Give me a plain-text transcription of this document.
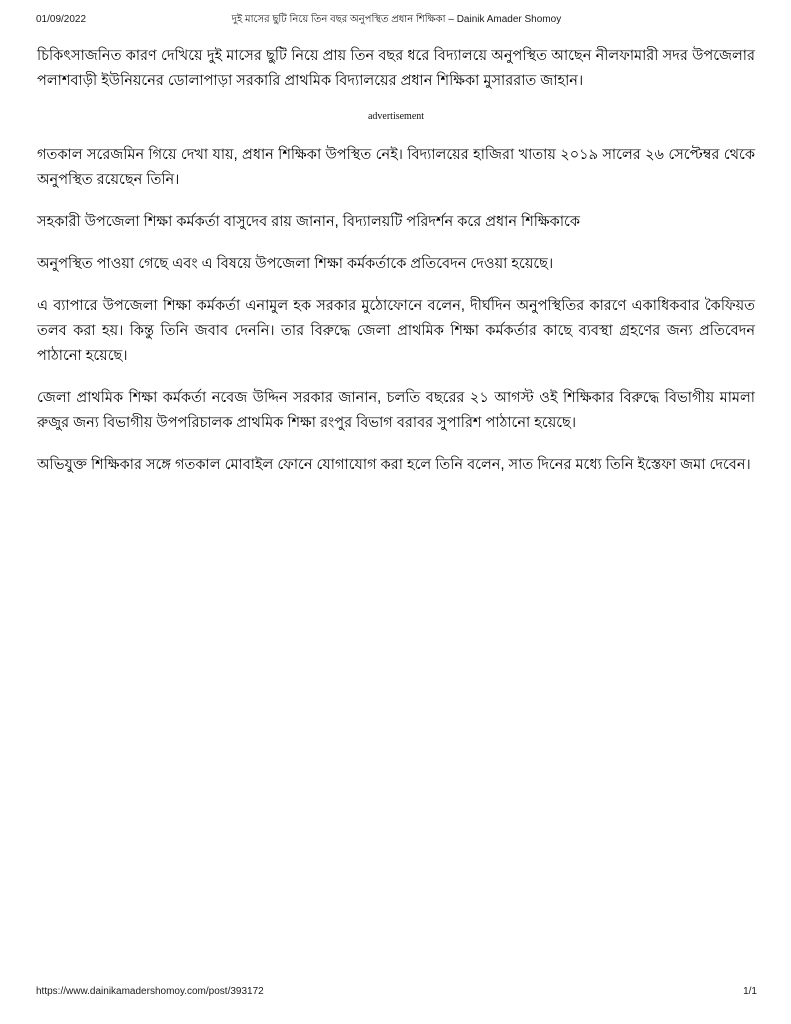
01/09/2022	দুই মাসের ছুটি নিয়ে তিন বছর অনুপস্থিত প্রধান শিক্ষিকা – Dainik Amader Shomoy

চিকিৎসাজনিত কারণ দেখিয়ে দুই মাসের ছুটি নিয়ে প্রায় তিন বছর ধরে বিদ্যালয়ে অনুপস্থিত আছেন নীলফামারী সদর উপজেলার পলাশবাড়ী ইউনিয়নের ডোলাপাড়া সরকারি প্রাথমিক বিদ্যালয়ের প্রধান শিক্ষিকা মুসাররাত জাহান।

advertisement

গতকাল সরেজমিন গিয়ে দেখা যায়, প্রধান শিক্ষিকা উপস্থিত নেই। বিদ্যালয়ের হাজিরা খাতায় ২০১৯ সালের ২৬ সেপ্টেম্বর থেকে অনুপস্থিত রয়েছেন তিনি।

সহকারী উপজেলা শিক্ষা কর্মকর্তা বাসুদেব রায় জানান, বিদ্যালয়টি পরিদর্শন করে প্রধান শিক্ষিকাকে

অনুপস্থিত পাওয়া গেছে এবং এ বিষয়ে উপজেলা শিক্ষা কর্মকর্তাকে প্রতিবেদন দেওয়া হয়েছে।

এ ব্যাপারে উপজেলা শিক্ষা কর্মকর্তা এনামুল হক সরকার মুঠোফোনে বলেন, দীর্ঘদিন অনুপস্থিতির কারণে একাধিকবার কৈফিয়ত তলব করা হয়। কিন্তু তিনি জবাব দেননি। তার বিরুদ্ধে জেলা প্রাথমিক শিক্ষা কর্মকর্তার কাছে ব্যবস্থা গ্রহণের জন্য প্রতিবেদন পাঠানো হয়েছে।

জেলা প্রাথমিক শিক্ষা কর্মকর্তা নবেজ উদ্দিন সরকার জানান, চলতি বছরের ২১ আগস্ট ওই শিক্ষিকার বিরুদ্ধে বিভাগীয় মামলা রুজুর জন্য বিভাগীয় উপপরিচালক প্রাথমিক শিক্ষা রংপুর বিভাগ বরাবর সুপারিশ পাঠানো হয়েছে।

অভিযুক্ত শিক্ষিকার সঙ্গে গতকাল মোবাইল ফোনে যোগাযোগ করা হলে তিনি বলেন, সাত দিনের মধ্যে তিনি ইস্তেফা জমা দেবেন।

https://www.dainikamadershomoy.com/post/393172	1/1
